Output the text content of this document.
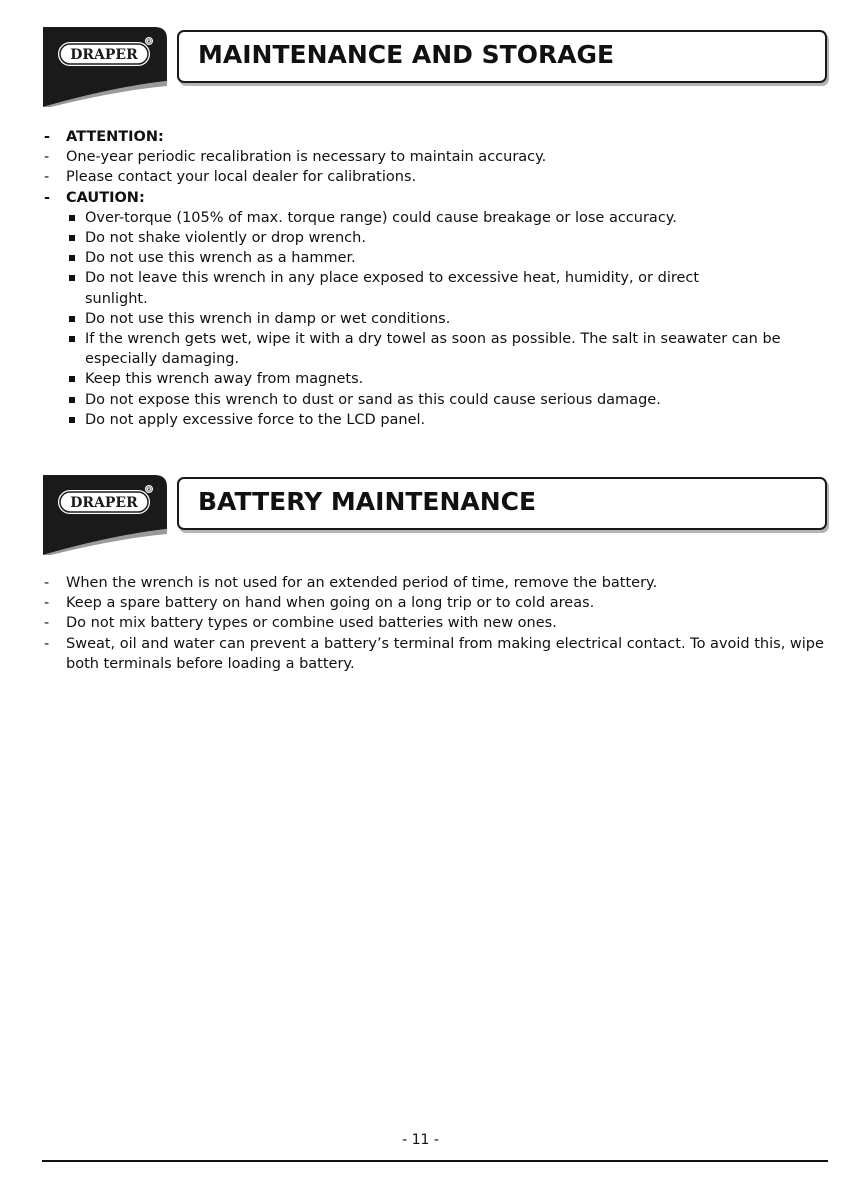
DRAPER
® MAINTENANCE AND STORAGE
- ATTENTION:
- One-year periodic recalibration is necessary to maintain accuracy.
- Please contact your local dealer for calibrations.
- CAUTION:
Over-torque (105% of max. torque range) could cause breakage or lose accuracy.
Do not shake violently or drop wrench.
Do not use this wrench as a hammer.
Do not leave this wrench in any place exposed to excessive heat, humidity, or direct sunlight.
Do not use this wrench in damp or wet conditions.
If the wrench gets wet, wipe it with a dry towel as soon as possible. The salt in seawater can be especially damaging.
Keep this wrench away from magnets.
Do not expose this wrench to dust or sand as this could cause serious damage.
Do not apply excessive force to the LCD panel.
DRAPER
® BATTERY MAINTENANCE
- When the wrench is not used for an extended period of time, remove the battery.
- Keep a spare battery on hand when going on a long trip or to cold areas.
- Do not mix battery types or combine used batteries with new ones.
- Sweat, oil and water can prevent a battery’s terminal from making electrical contact. To avoid this, wipe both terminals before loading a battery.
- 11 -
